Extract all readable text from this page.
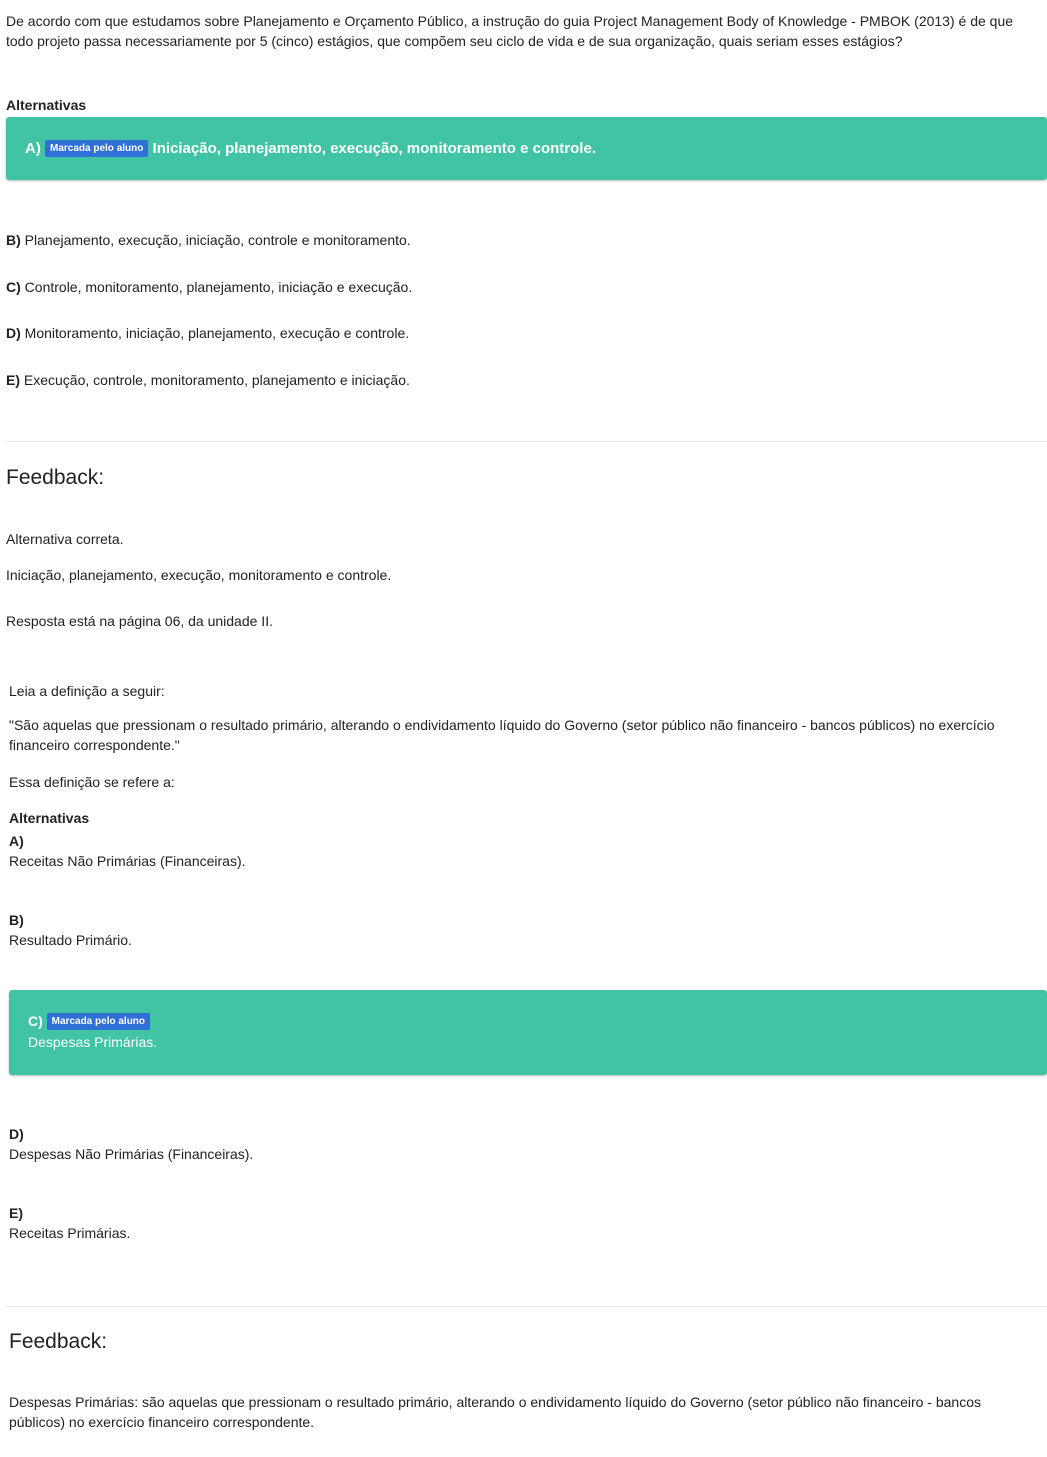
De acordo com que estudamos sobre Planejamento e Orçamento Público, a instrução do guia Project Management Body of Knowledge - PMBOK (2013) é de que todo projeto passa necessariamente por 5 (cinco) estágios, que compõem seu ciclo de vida e de sua organização, quais seriam esses estágios?
Alternativas
A) Marcada pelo aluno Iniciação, planejamento, execução, monitoramento e controle.
B) Planejamento, execução, iniciação, controle e monitoramento.
C) Controle, monitoramento, planejamento, iniciação e execução.
D) Monitoramento, iniciação, planejamento, execução e controle.
E) Execução, controle, monitoramento, planejamento e iniciação.
Feedback:
Alternativa correta.
Iniciação, planejamento, execução, monitoramento e controle.
Resposta está na página 06, da unidade II.
Leia a definição a seguir:
"São aquelas que pressionam o resultado primário, alterando o endividamento líquido do Governo (setor público não financeiro - bancos públicos) no exercício financeiro correspondente."
Essa definição se refere a:
Alternativas
A)
Receitas Não Primárias (Financeiras).
B)
Resultado Primário.
C) Marcada pelo aluno
Despesas Primárias.
D)
Despesas Não Primárias (Financeiras).
E)
Receitas Primárias.
Feedback:
Despesas Primárias: são aquelas que pressionam o resultado primário, alterando o endividamento líquido do Governo (setor público não financeiro - bancos públicos) no exercício financeiro correspondente.
